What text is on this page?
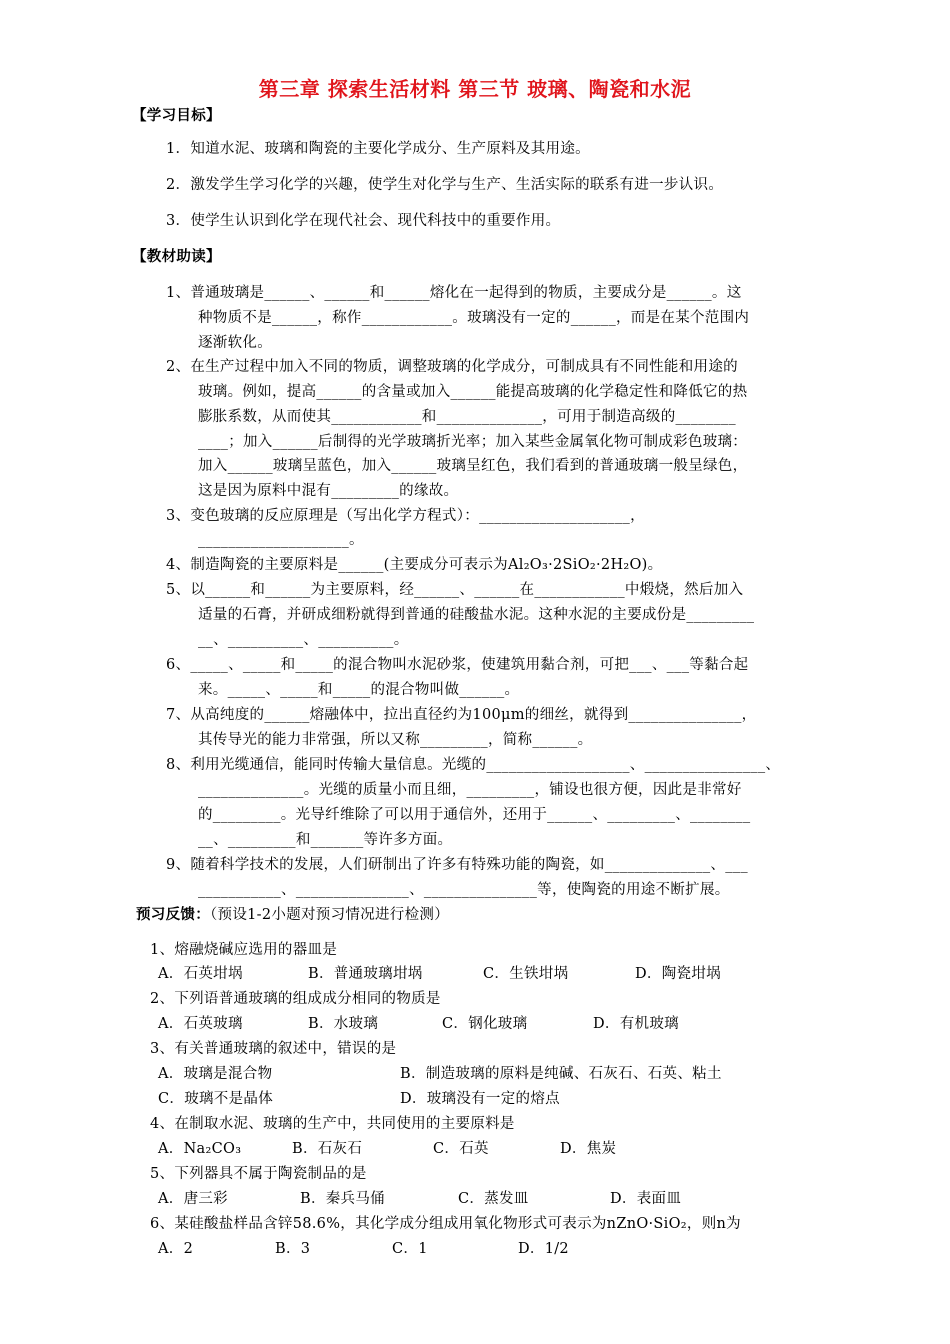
第三章 探索生活材料 第三节 玻璃、陶瓷和水泥
【学习目标】
1．知道水泥、玻璃和陶瓷的主要化学成分、生产原料及其用途。
2．激发学生学习化学的兴趣，使学生对化学与生产、生活实际的联系有进一步认识。
3．使学生认识到化学在现代社会、现代科技中的重要作用。
【教材助读】
1、普通玻璃是______、______和______熔化在一起得到的物质，主要成分是______。这
种物质不是______，称作____________。玻璃没有一定的______，而是在某个范围内
逐渐软化。
2、在生产过程中加入不同的物质，调整玻璃的化学成分，可制成具有不同性能和用途的
玻璃。例如，提高______的含量或加入______能提高玻璃的化学稳定性和降低它的热
膨胀系数，从而使其____________和______________，可用于制造高级的________
____；加入______后制得的光学玻璃折光率；加入某些金属氧化物可制成彩色玻璃：
加入______玻璃呈蓝色，加入______玻璃呈红色，我们看到的普通玻璃一般呈绿色，
这是因为原料中混有_________的缘故。
3、变色玻璃的反应原理是（写出化学方程式）：____________________，
____________________。
4、制造陶瓷的主要原料是______(主要成分可表示为Al₂O₃·2SiO₂·2H₂O)。
5、以______和______为主要原料，经______、______在____________中煅烧，然后加入
适量的石膏，并研成细粉就得到普通的硅酸盐水泥。这种水泥的主要成份是_________
__、__________、__________。
6、_____、_____和_____的混合物叫水泥砂浆，使建筑用黏合剂，可把___、___等黏合起
来。_____、_____和_____的混合物叫做______。
7、从高纯度的______熔融体中，拉出直径约为100μm的细丝，就得到_______________，
其传导光的能力非常强，所以又称_________，简称______。
8、利用光缆通信，能同时传输大量信息。光缆的___________________、________________、
______________。光缆的质量小而且细，_________，铺设也很方便，因此是非常好
的_________。光导纤维除了可以用于通信外，还用于______、_________、________
__、_________和_______等许多方面。
9、随着科学技术的发展，人们研制出了许多有特殊功能的陶瓷，如______________、___
___________、_______________、_______________等，使陶瓷的用途不断扩展。
预习反馈：（预设1-2小题对预习情况进行检测）
1、熔融烧碱应选用的器皿是
A．石英坩埚	B．普通玻璃坩埚	C．生铁坩埚	D．陶瓷坩埚
2、下列语普通玻璃的组成成分相同的物质是
A．石英玻璃	B．水玻璃	C．钢化玻璃	D．有机玻璃
3、有关普通玻璃的叙述中，错误的是
A．玻璃是混合物	B．制造玻璃的原料是纯碱、石灰石、石英、粘土
C．玻璃不是晶体	D．玻璃没有一定的熔点
4、在制取水泥、玻璃的生产中，共同使用的主要原料是
A．Na₂CO₃	B．石灰石	C．石英	D．焦炭
5、下列器具不属于陶瓷制品的是
A．唐三彩	B．秦兵马俑	C．蒸发皿	D．表面皿
6、某硅酸盐样品含锌58.6%，其化学成分组成用氧化物形式可表示为nZnO·SiO₂，则n为
A．2	B．3	C．1	D．1/2
